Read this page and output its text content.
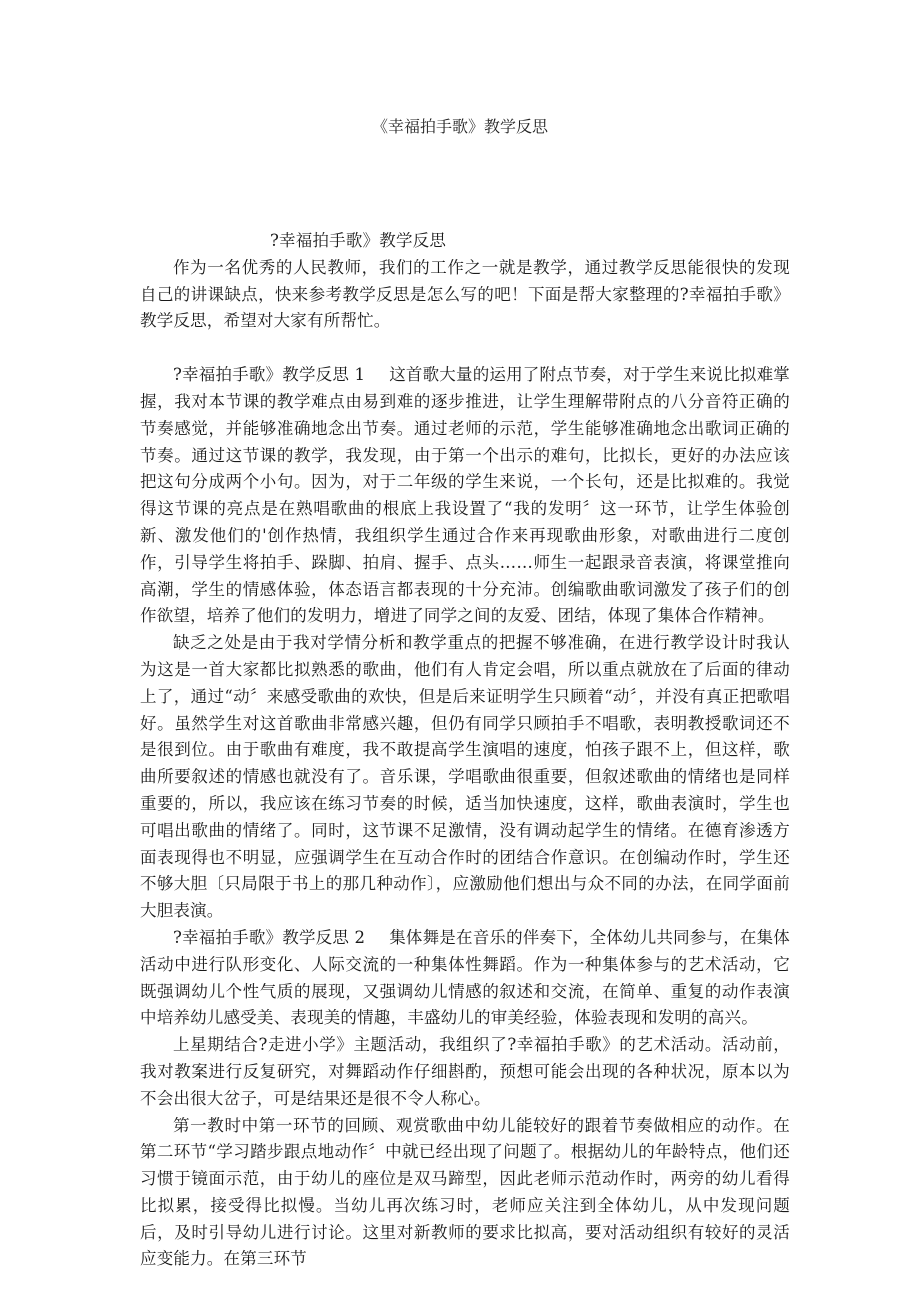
《幸福拍手歌》教学反思

?幸福拍手歌》教学反思

作为一名优秀的人民教师，我们的工作之一就是教学，通过教学反思能很快的发现自己的讲课缺点，快来参考教学反思是怎么写的吧！下面是帮大家整理的?幸福拍手歌》教学反思，希望对大家有所帮忙。

?幸福拍手歌》教学反思 1 这首歌大量的运用了附点节奏，对于学生来说比拟难掌握，我对本节课的教学难点由易到难的逐步推进，让学生理解带附点的八分音符正确的节奏感觉，并能够准确地念出节奏。通过老师的示范，学生能够准确地念出歌词正确的节奏。通过这节课的教学，我发现，由于第一个出示的难句，比拟长，更好的办法应该把这句分成两个小句。因为，对于二年级的学生来说，一个长句，还是比拟难的。我觉得这节课的亮点是在熟唱歌曲的根底上我设置了“我的发明〞这一环节，让学生体验创新、激发他们的'创作热情，我组织学生通过合作来再现歌曲形象，对歌曲进行二度创作，引导学生将拍手、跺脚、拍肩、握手、点头……师生一起跟录音表演，将课堂推向高潮，学生的情感体验，体态语言都表现的十分充沛。创编歌曲歌词激发了孩子们的创作欲望，培养了他们的发明力，增进了同学之间的友爱、团结，体现了集体合作精神。

缺乏之处是由于我对学情分析和教学重点的把握不够准确，在进行教学设计时我认为这是一首大家都比拟熟悉的歌曲，他们有人肯定会唱，所以重点就放在了后面的律动上了，通过“动〞来感受歌曲的欢快，但是后来证明学生只顾着“动〞，并没有真正把歌唱好。虽然学生对这首歌曲非常感兴趣，但仍有同学只顾拍手不唱歌，表明教授歌词还不是很到位。由于歌曲有难度，我不敢提高学生演唱的速度，怕孩子跟不上，但这样，歌曲所要叙述的情感也就没有了。音乐课，学唱歌曲很重要，但叙述歌曲的情绪也是同样重要的，所以，我应该在练习节奏的时候，适当加快速度，这样，歌曲表演时，学生也可唱出歌曲的情绪了。同时，这节课不足激情，没有调动起学生的情绪。在德育渗透方面表现得也不明显，应强调学生在互动合作时的团结合作意识。在创编动作时，学生还不够大胆〔只局限于书上的那几种动作〕，应激励他们想出与众不同的办法，在同学面前大胆表演。

?幸福拍手歌》教学反思 2 集体舞是在音乐的伴奏下，全体幼儿共同参与，在集体活动中进行队形变化、人际交流的一种集体性舞蹈。作为一种集体参与的艺术活动，它既强调幼儿个性气质的展现，又强调幼儿情感的叙述和交流，在简单、重复的动作表演中培养幼儿感受美、表现美的情趣，丰盛幼儿的审美经验，体验表现和发明的高兴。

上星期结合?走进小学》主题活动，我组织了?幸福拍手歌》的艺术活动。活动前，我对教案进行反复研究，对舞蹈动作仔细斟酌，预想可能会出现的各种状况，原本以为不会出很大岔子，可是结果还是很不令人称心。

第一教时中第一环节的回顾、观赏歌曲中幼儿能较好的跟着节奏做相应的动作。在第二环节“学习踏步跟点地动作〞中就已经出现了问题了。根据幼儿的年龄特点，他们还习惯于镜面示范，由于幼儿的座位是双马蹄型，因此老师示范动作时，两旁的幼儿看得比拟累，接受得比拟慢。当幼儿再次练习时，老师应关注到全体幼儿，从中发现问题后，及时引导幼儿进行讨论。这里对新教师的要求比拟高，要对活动组织有较好的灵活应变能力。在第三环节
